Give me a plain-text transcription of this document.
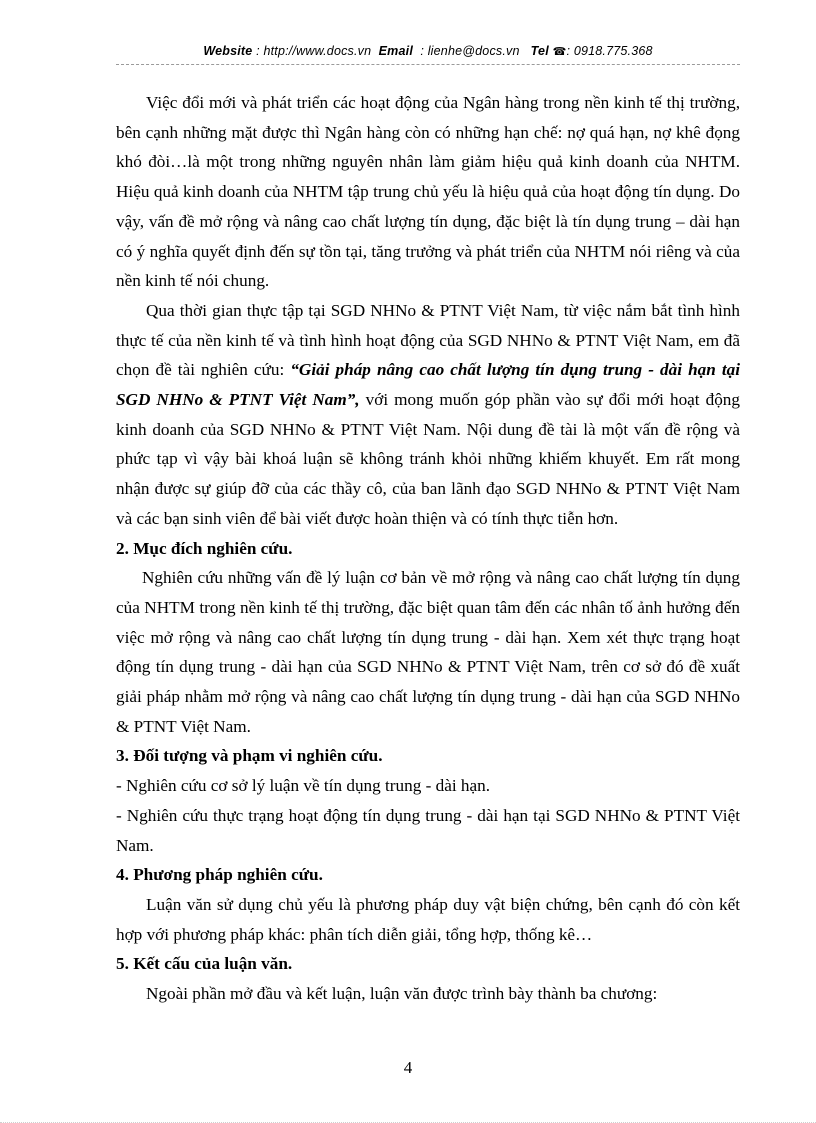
Website : http://www.docs.vn Email : lienhe@docs.vn Tel ☎: 0918.775.368

Việc đổi mới và phát triển các hoạt động của Ngân hàng trong nền kinh tế thị trường, bên cạnh những mặt được thì Ngân hàng còn có những hạn chế: nợ quá hạn, nợ khê đọng khó đòi…là một trong những nguyên nhân làm giảm hiệu quả kinh doanh của NHTM. Hiệu quả kinh doanh của NHTM tập trung chủ yếu là hiệu quả của hoạt động tín dụng. Do vậy, vấn đề mở rộng và nâng cao chất lượng tín dụng, đặc biệt là tín dụng trung – dài hạn có ý nghĩa quyết định đến sự tồn tại, tăng trưởng và phát triển của NHTM nói riêng và của nền kinh tế nói chung.

Qua thời gian thực tập tại SGD NHNo & PTNT Việt Nam, từ việc nắm bắt tình hình thực tế của nền kinh tế và tình hình hoạt động của SGD NHNo & PTNT Việt Nam, em đã chọn đề tài nghiên cứu: “Giải pháp nâng cao chất lượng tín dụng trung - dài hạn tại SGD NHNo & PTNT Việt Nam”, với mong muốn góp phần vào sự đổi mới hoạt động kinh doanh của SGD NHNo & PTNT Việt Nam. Nội dung đề tài là một vấn đề rộng và phức tạp vì vậy bài khoá luận sẽ không tránh khỏi những khiếm khuyết. Em rất mong nhận được sự giúp đỡ của các thầy cô, của ban lãnh đạo SGD NHNo & PTNT Việt Nam và các bạn sinh viên để bài viết được hoàn thiện và có tính thực tiễn hơn.

2. Mục đích nghiên cứu.

Nghiên cứu những vấn đề lý luận cơ bản về mở rộng và nâng cao chất lượng tín dụng của NHTM trong nền kinh tế thị trường, đặc biệt quan tâm đến các nhân tố ảnh hưởng đến việc mở rộng và nâng cao chất lượng tín dụng trung - dài hạn. Xem xét thực trạng hoạt động tín dụng trung - dài hạn của SGD NHNo & PTNT Việt Nam, trên cơ sở đó đề xuất giải pháp nhằm mở rộng và nâng cao chất lượng tín dụng trung - dài hạn của SGD NHNo & PTNT Việt Nam.

3. Đối tượng và phạm vi nghiên cứu.

- Nghiên cứu cơ sở lý luận về tín dụng trung - dài hạn.

- Nghiên cứu thực trạng hoạt động tín dụng trung - dài hạn tại SGD NHNo & PTNT Việt Nam.

4. Phương pháp nghiên cứu.

Luận văn sử dụng chủ yếu là phương pháp duy vật biện chứng, bên cạnh đó còn kết hợp với phương pháp khác: phân tích diễn giải, tổng hợp, thống kê…

5. Kết cấu của luận văn.

Ngoài phần mở đầu và kết luận, luận văn được trình bày thành ba chương:

4
